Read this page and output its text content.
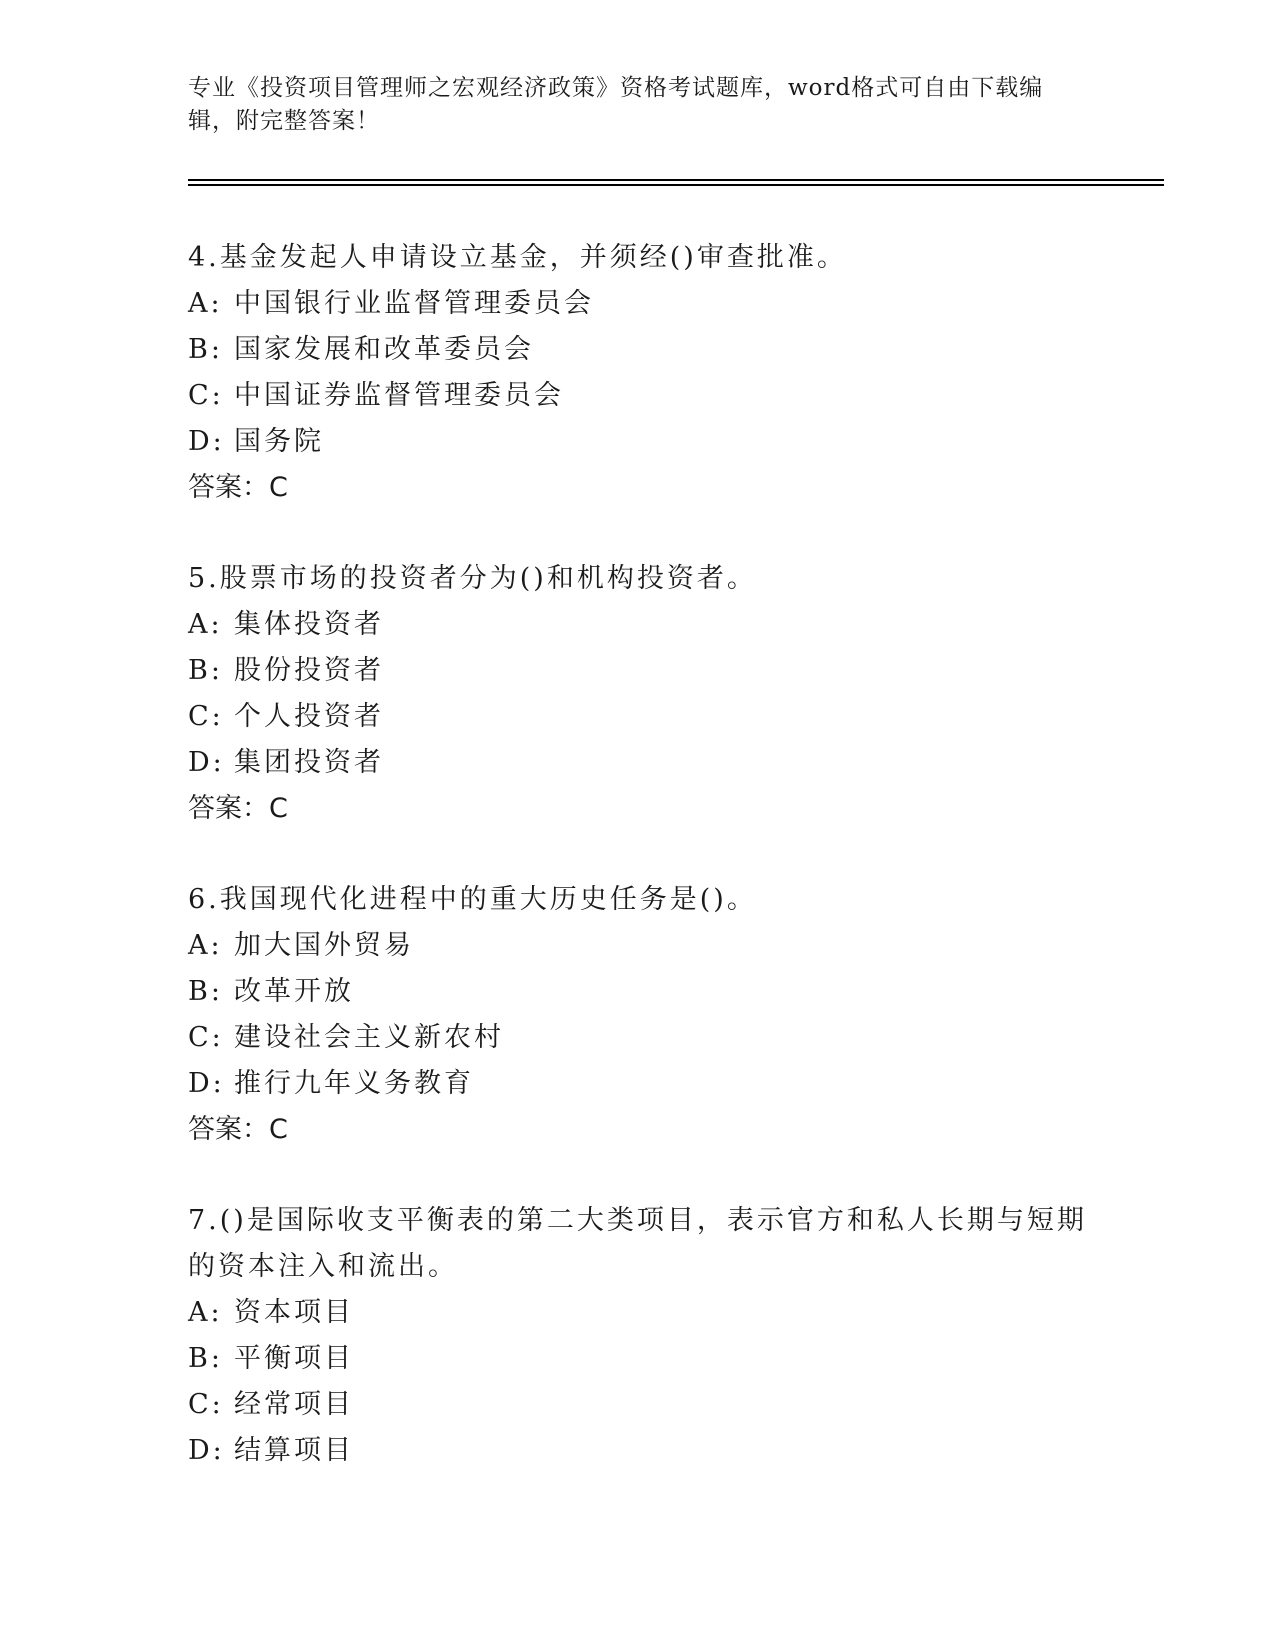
专业《投资项目管理师之宏观经济政策》资格考试题库，word格式可自由下载编辑，附完整答案！
4.基金发起人申请设立基金，并须经()审查批准。
A: 中国银行业监督管理委员会
B: 国家发展和改革委员会
C: 中国证券监督管理委员会
D: 国务院
答案：C
5.股票市场的投资者分为()和机构投资者。
A: 集体投资者
B: 股份投资者
C: 个人投资者
D: 集团投资者
答案：C
6.我国现代化进程中的重大历史任务是()。
A: 加大国外贸易
B: 改革开放
C: 建设社会主义新农村
D: 推行九年义务教育
答案：C
7.()是国际收支平衡表的第二大类项目，表示官方和私人长期与短期的资本注入和流出。
A: 资本项目
B: 平衡项目
C: 经常项目
D: 结算项目
